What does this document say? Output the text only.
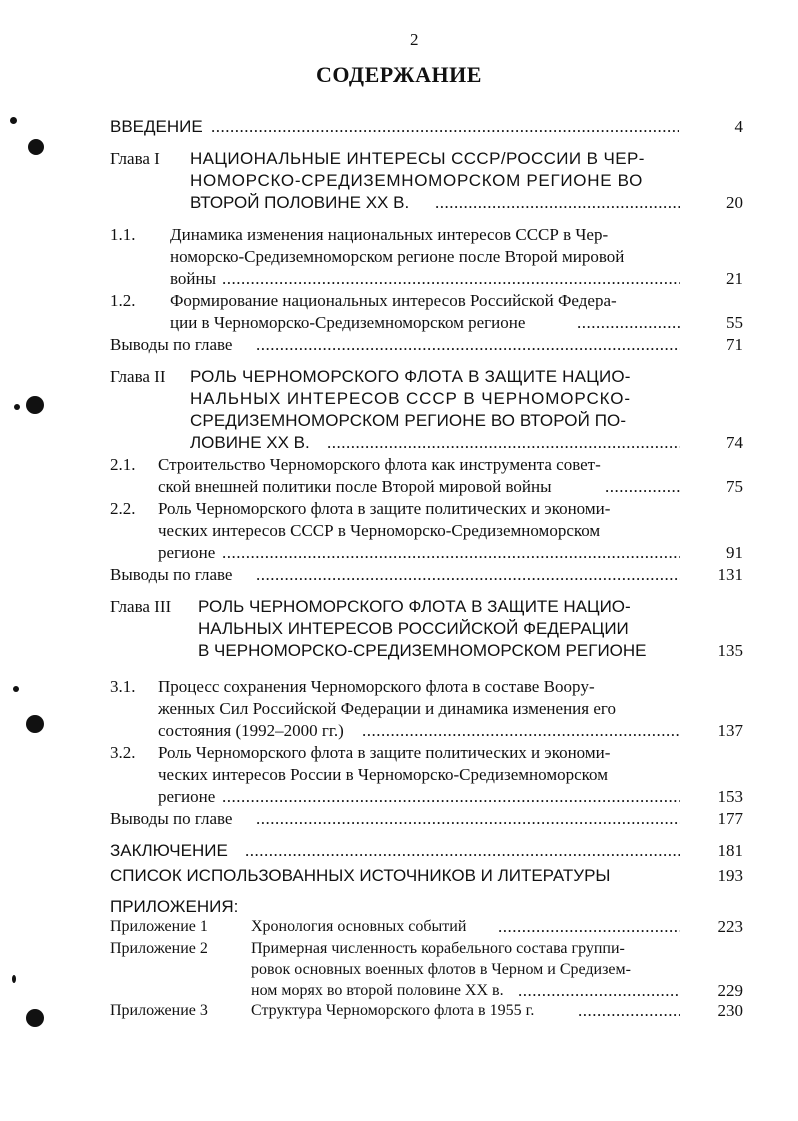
2
СОДЕРЖАНИЕ
ВВЕДЕНИЕ .....	4
Глава I НАЦИОНАЛЬНЫЕ ИНТЕРЕСЫ СССР/РОССИИ В ЧЕР-
НОМОРСКО-СРЕДИЗЕМНОМОРСКОМ РЕГИОНЕ ВО
ВТОРОЙ ПОЛОВИНЕ XX В. .....	20
1.1. Динамика изменения национальных интересов СССР в Чер-
номорско-Средиземноморском регионе после Второй мировой
войны .....	21
1.2. Формирование национальных интересов Российской Федера-
ции в Черноморско-Средиземноморском регионе .....	55
Выводы по главе .....	71
Глава II РОЛЬ ЧЕРНОМОРСКОГО ФЛОТА В ЗАЩИТЕ НАЦИО-
НАЛЬНЫХ ИНТЕРЕСОВ СССР В ЧЕРНОМОРСКО-
СРЕДИЗЕМНОМОРСКОМ РЕГИОНЕ ВО ВТОРОЙ ПО-
ЛОВИНЕ XX В. .....	74
2.1. Строительство Черноморского флота как инструмента совет-
ской внешней политики после Второй мировой войны .....	75
2.2. Роль Черноморского флота в защите политических и экономи-
ческих интересов СССР в Черноморско-Средиземноморском
регионе .....	91
Выводы по главе .....	131
Глава III РОЛЬ ЧЕРНОМОРСКОГО ФЛОТА В ЗАЩИТЕ НАЦИО-
НАЛЬНЫХ ИНТЕРЕСОВ РОССИЙСКОЙ ФЕДЕРАЦИИ
В ЧЕРНОМОРСКО-СРЕДИЗЕМНОМОРСКОМ РЕГИОНЕ	135
3.1. Процесс сохранения Черноморского флота в составе Вооpу-
женных Сил Российской Федерации и динамика изменения его
состояния (1992–2000 гг.) .....	137
3.2. Роль Черноморского флота в защите политических и экономи-
ческих интересов России в Черноморско-Средиземноморском
регионе .....	153
Выводы по главе .....	177
ЗАКЛЮЧЕНИЕ .....	181
СПИСОК ИСПОЛЬЗОВАННЫХ ИСТОЧНИКОВ И ЛИТЕРАТУРЫ	193
ПРИЛОЖЕНИЯ:
Приложение 1	Хронология основных событий .....	223
Приложение 2	Примерная численность корабельного состава группи-
ровок основных военных флотов в Черном и Средизем-
ном морях во второй половине XX в. .....	229
Приложение 3	Структура Черноморского флота в 1955 г. .....	230
